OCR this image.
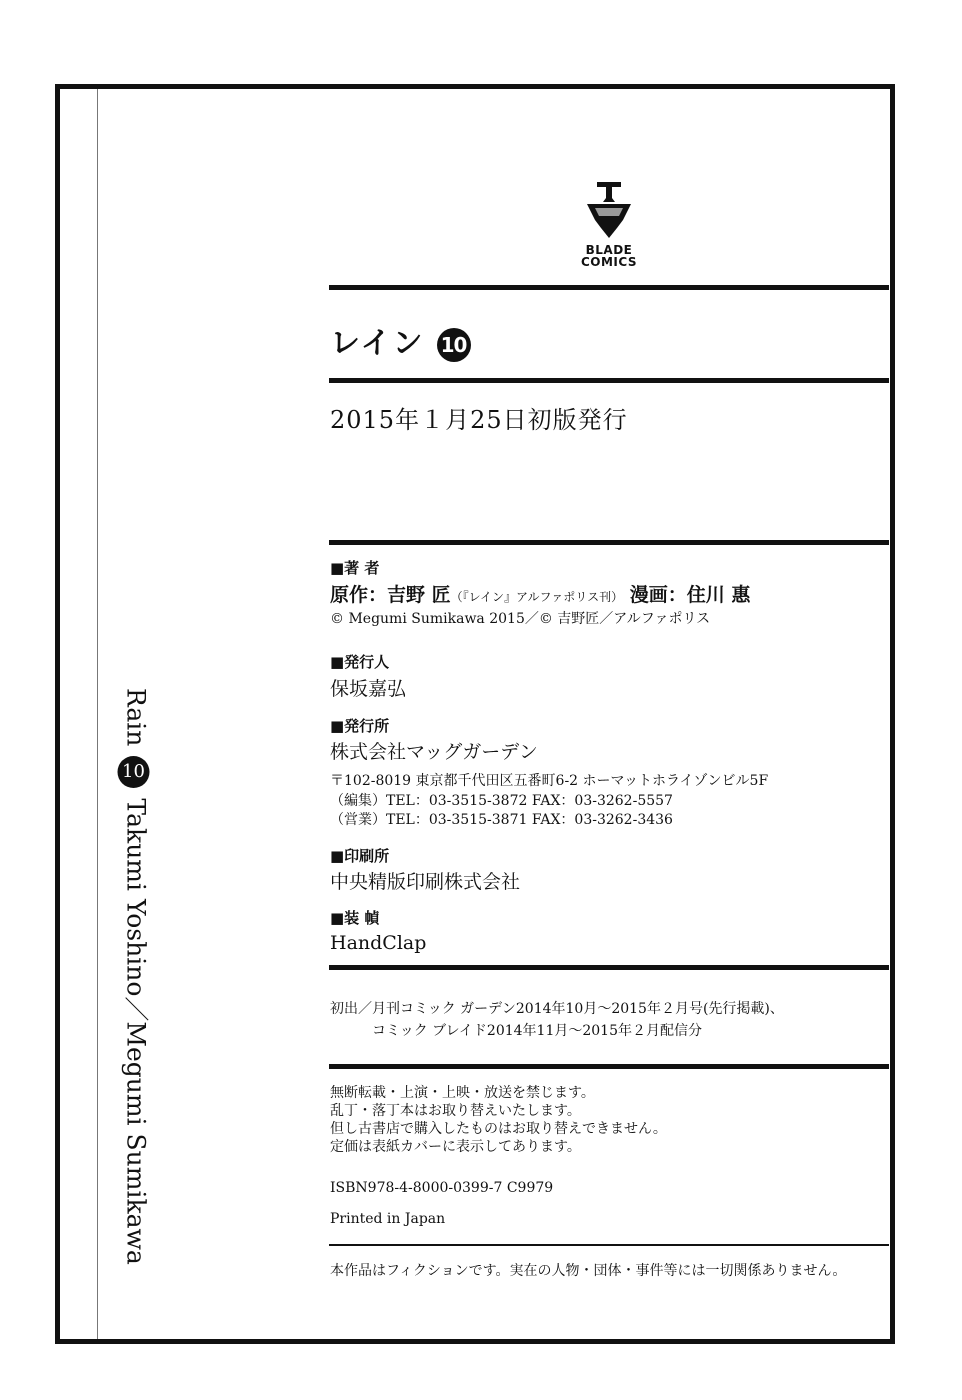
BLADE
COMICS
レイン 10
2015年１月25日初版発行
■著 者
原作：吉野 匠（『レイン』アルファポリス刊） 漫画：住川 惠
© Megumi Sumikawa 2015／© 吉野匠／アルファポリス
■発行人
保坂嘉弘
■発行所
株式会社マッグガーデン
〒102-8019 東京都千代田区五番町6-2 ホーマットホライゾンビル5F
（編集）TEL：03-3515-3872 FAX：03-3262-5557
（営業）TEL：03-3515-3871 FAX：03-3262-3436
■印刷所
中央精版印刷株式会社
■装 幀
HandClap
初出／月刊コミック ガーデン2014年10月～2015年２月号(先行掲載)、
コミック ブレイド2014年11月～2015年２月配信分
無断転載・上演・上映・放送を禁じます。
乱丁・落丁本はお取り替えいたします。
但し古書店で購入したものはお取り替えできません。
定価は表紙カバーに表示してあります。
ISBN978-4-8000-0399-7 C9979
Printed in Japan
本作品はフィクションです。実在の人物・団体・事件等には一切関係ありません。
Rain10Takumi Yoshino／Megumi Sumikawa
